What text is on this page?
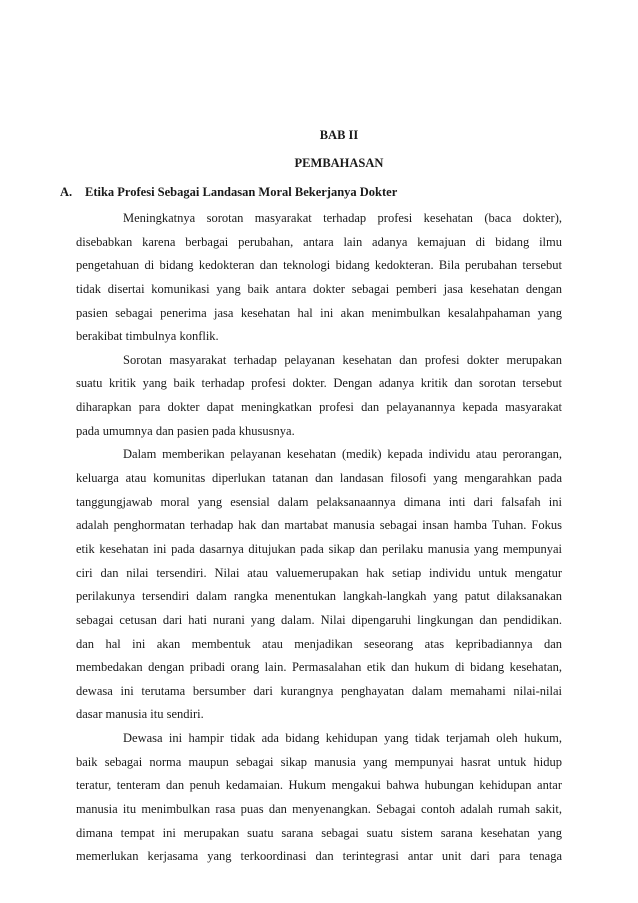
BAB II
PEMBAHASAN
A. Etika Profesi Sebagai Landasan Moral Bekerjanya Dokter
Meningkatnya sorotan masyarakat terhadap profesi kesehatan (baca dokter),
disebabkan karena berbagai perubahan, antara lain adanya kemajuan di bidang ilmu
pengetahuan di bidang kedokteran dan teknologi bidang kedokteran. Bila perubahan tersebut
tidak disertai komunikasi yang baik antara dokter sebagai pemberi jasa kesehatan dengan
pasien sebagai penerima jasa kesehatan hal ini akan menimbulkan kesalahpahaman yang
berakibat timbulnya konflik.
Sorotan masyarakat terhadap pelayanan kesehatan dan profesi dokter merupakan
suatu kritik yang baik terhadap profesi dokter. Dengan adanya kritik dan sorotan tersebut
diharapkan para dokter dapat meningkatkan profesi dan pelayanannya kepada masyarakat
pada umumnya dan pasien pada khususnya.
Dalam memberikan pelayanan kesehatan (medik) kepada individu atau perorangan,
keluarga atau komunitas diperlukan tatanan dan landasan filosofi yang mengarahkan pada
tanggungjawab moral yang esensial dalam pelaksanaannya dimana inti dari falsafah ini
adalah penghormatan terhadap hak dan martabat manusia sebagai insan hamba Tuhan. Fokus
etik kesehatan ini pada dasarnya ditujukan pada sikap dan perilaku manusia yang mempunyai
ciri dan nilai tersendiri. Nilai atau valuemerupakan hak setiap individu untuk mengatur
perilakunya tersendiri dalam rangka menentukan langkah-langkah yang patut dilaksanakan
sebagai cetusan dari hati nurani yang dalam. Nilai dipengaruhi lingkungan dan pendidikan.
dan hal ini akan membentuk atau menjadikan seseorang atas kepribadiannya dan
membedakan dengan pribadi orang lain. Permasalahan etik dan hukum di bidang kesehatan,
dewasa ini terutama bersumber dari kurangnya penghayatan dalam memahami nilai-nilai
dasar manusia itu sendiri.
Dewasa ini hampir tidak ada bidang kehidupan yang tidak terjamah oleh hukum,
baik sebagai norma maupun sebagai sikap manusia yang mempunyai hasrat untuk hidup
teratur, tenteram dan penuh kedamaian. Hukum mengakui bahwa hubungan kehidupan antar
manusia itu menimbulkan rasa puas dan menyenangkan. Sebagai contoh adalah rumah sakit,
dimana tempat ini merupakan suatu sarana sebagai suatu sistem sarana kesehatan yang
memerlukan kerjasama yang terkoordinasi dan terintegrasi antar unit dari para tenaga
